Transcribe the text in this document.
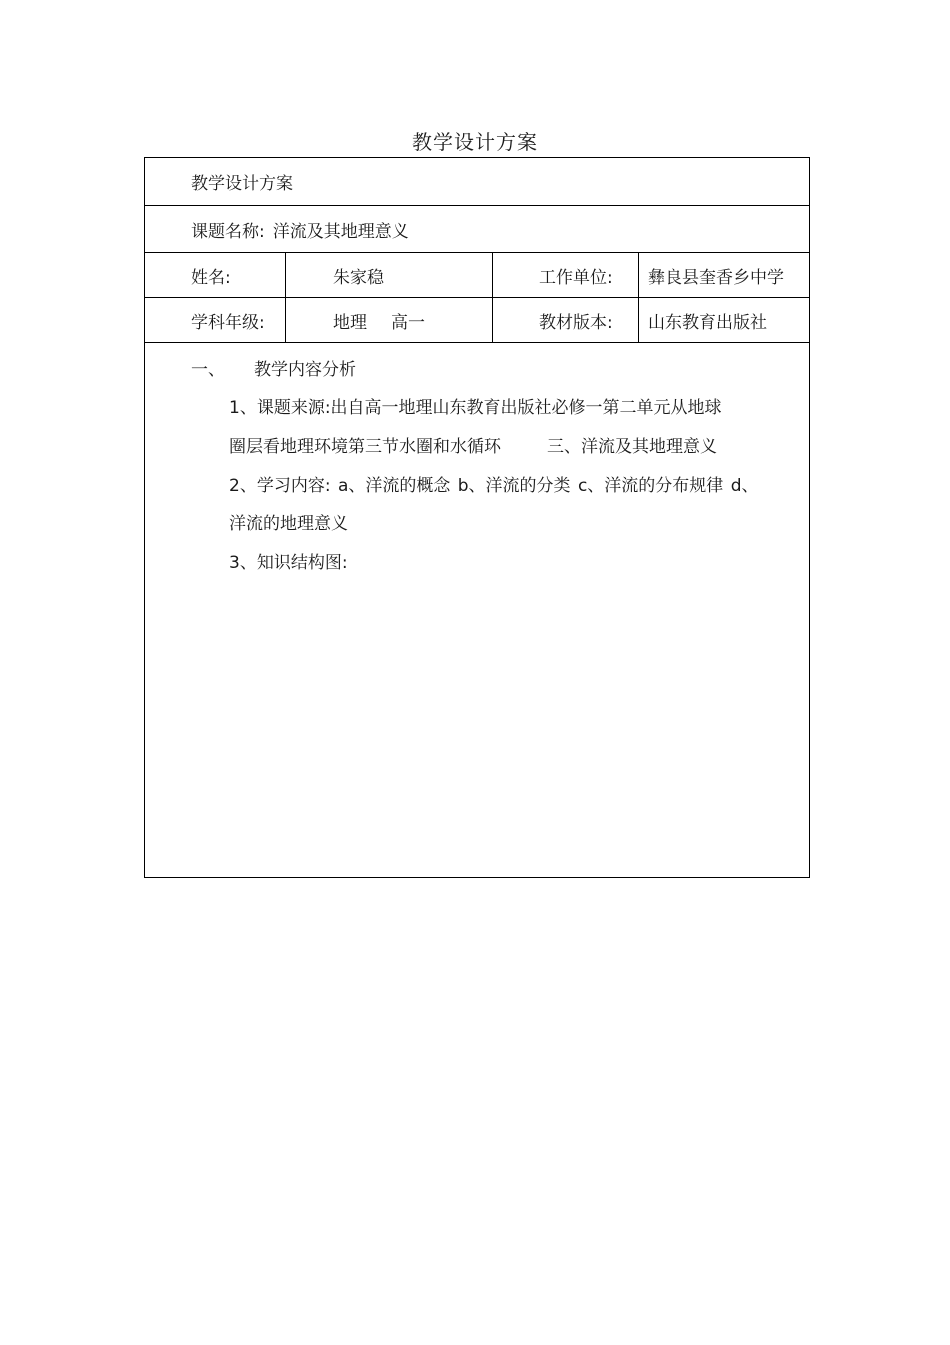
教学设计方案
教学设计方案
课题名称: 洋流及其地理意义
姓名:	朱家稳	工作单位: 彝良县奎香乡中学
学科年级:	地理 高一	教材版本: 山东教育出版社
一、 教学内容分析
1、课题来源:出自高一地理山东教育出版社必修一第二单元从地球
圈层看地理环境第三节水圈和水循环	三、洋流及其地理意义
2、学习内容: a、洋流的概念 b、洋流的分类 c、洋流的分布规律 d、
洋流的地理意义
3、知识结构图:
